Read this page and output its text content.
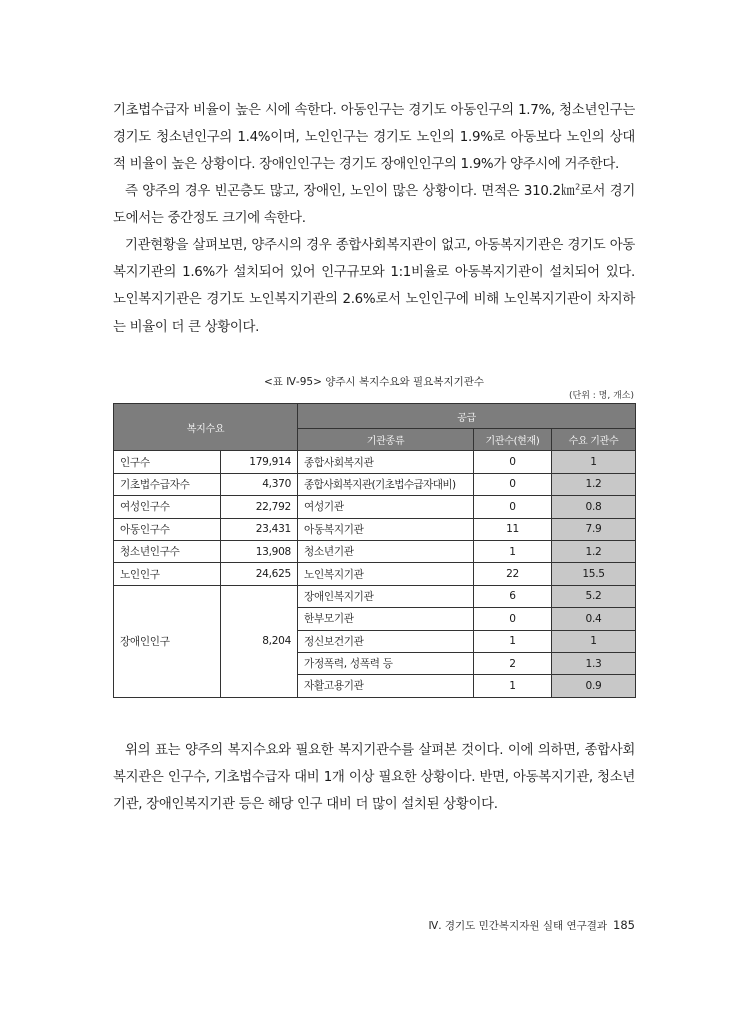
기초법수급자 비율이 높은 시에 속한다. 아동인구는 경기도 아동인구의 1.7%, 청소년인구는 경기도 청소년인구의 1.4%이며, 노인인구는 경기도 노인의 1.9%로 아동보다 노인의 상대적 비율이 높은 상황이다. 장애인인구는 경기도 장애인인구의 1.9%가 양주시에 거주한다.

즉 양주의 경우 빈곤층도 많고, 장애인, 노인이 많은 상황이다. 면적은 310.2㎞$^2$로서 경기도에서는 중간정도 크기에 속한다.

기관현황을 살펴보면, 양주시의 경우 종합사회복지관이 없고, 아동복지기관은 경기도 아동복지기관의 1.6%가 설치되어 있어 인구규모와 1:1비율로 아동복지기관이 설치되어 있다. 노인복지기관은 경기도 노인복지기관의 2.6%로서 노인인구에 비해 노인복지기관이 차지하는 비율이 더 큰 상황이다.

<표 Ⅳ-95> 양주시 복지수요와 필요복지기관수
(단위 : 명, 개소)
복지수요		공급		
		기관종류	기관수(현재)	수요 기관수
인구수	179,914	종합사회복지관	0	1
기초법수급자수	4,370	종합사회복지관(기초법수급자대비)	0	1.2
여성인구수	22,792	여성기관	0	0.8
아동인구수	23,431	아동복지기관	11	7.9
청소년인구수	13,908	청소년기관	1	1.2
노인인구	24,625	노인복지기관	22	15.5
장애인인구	8,204	장애인복지기관	6	5.2
		한부모기관	0	0.4
		정신보건기관	1	1
		가정폭력, 성폭력 등	2	1.3
		자활고용기관	1	0.9

위의 표는 양주의 복지수요와 필요한 복지기관수를 살펴본 것이다. 이에 의하면, 종합사회복지관은 인구수, 기초법수급자 대비 1개 이상 필요한 상황이다. 반면, 아동복지기관, 청소년기관, 장애인복지기관 등은 해당 인구 대비 더 많이 설치된 상황이다.

Ⅳ. 경기도 민간복지자원 실태 연구결과 185
